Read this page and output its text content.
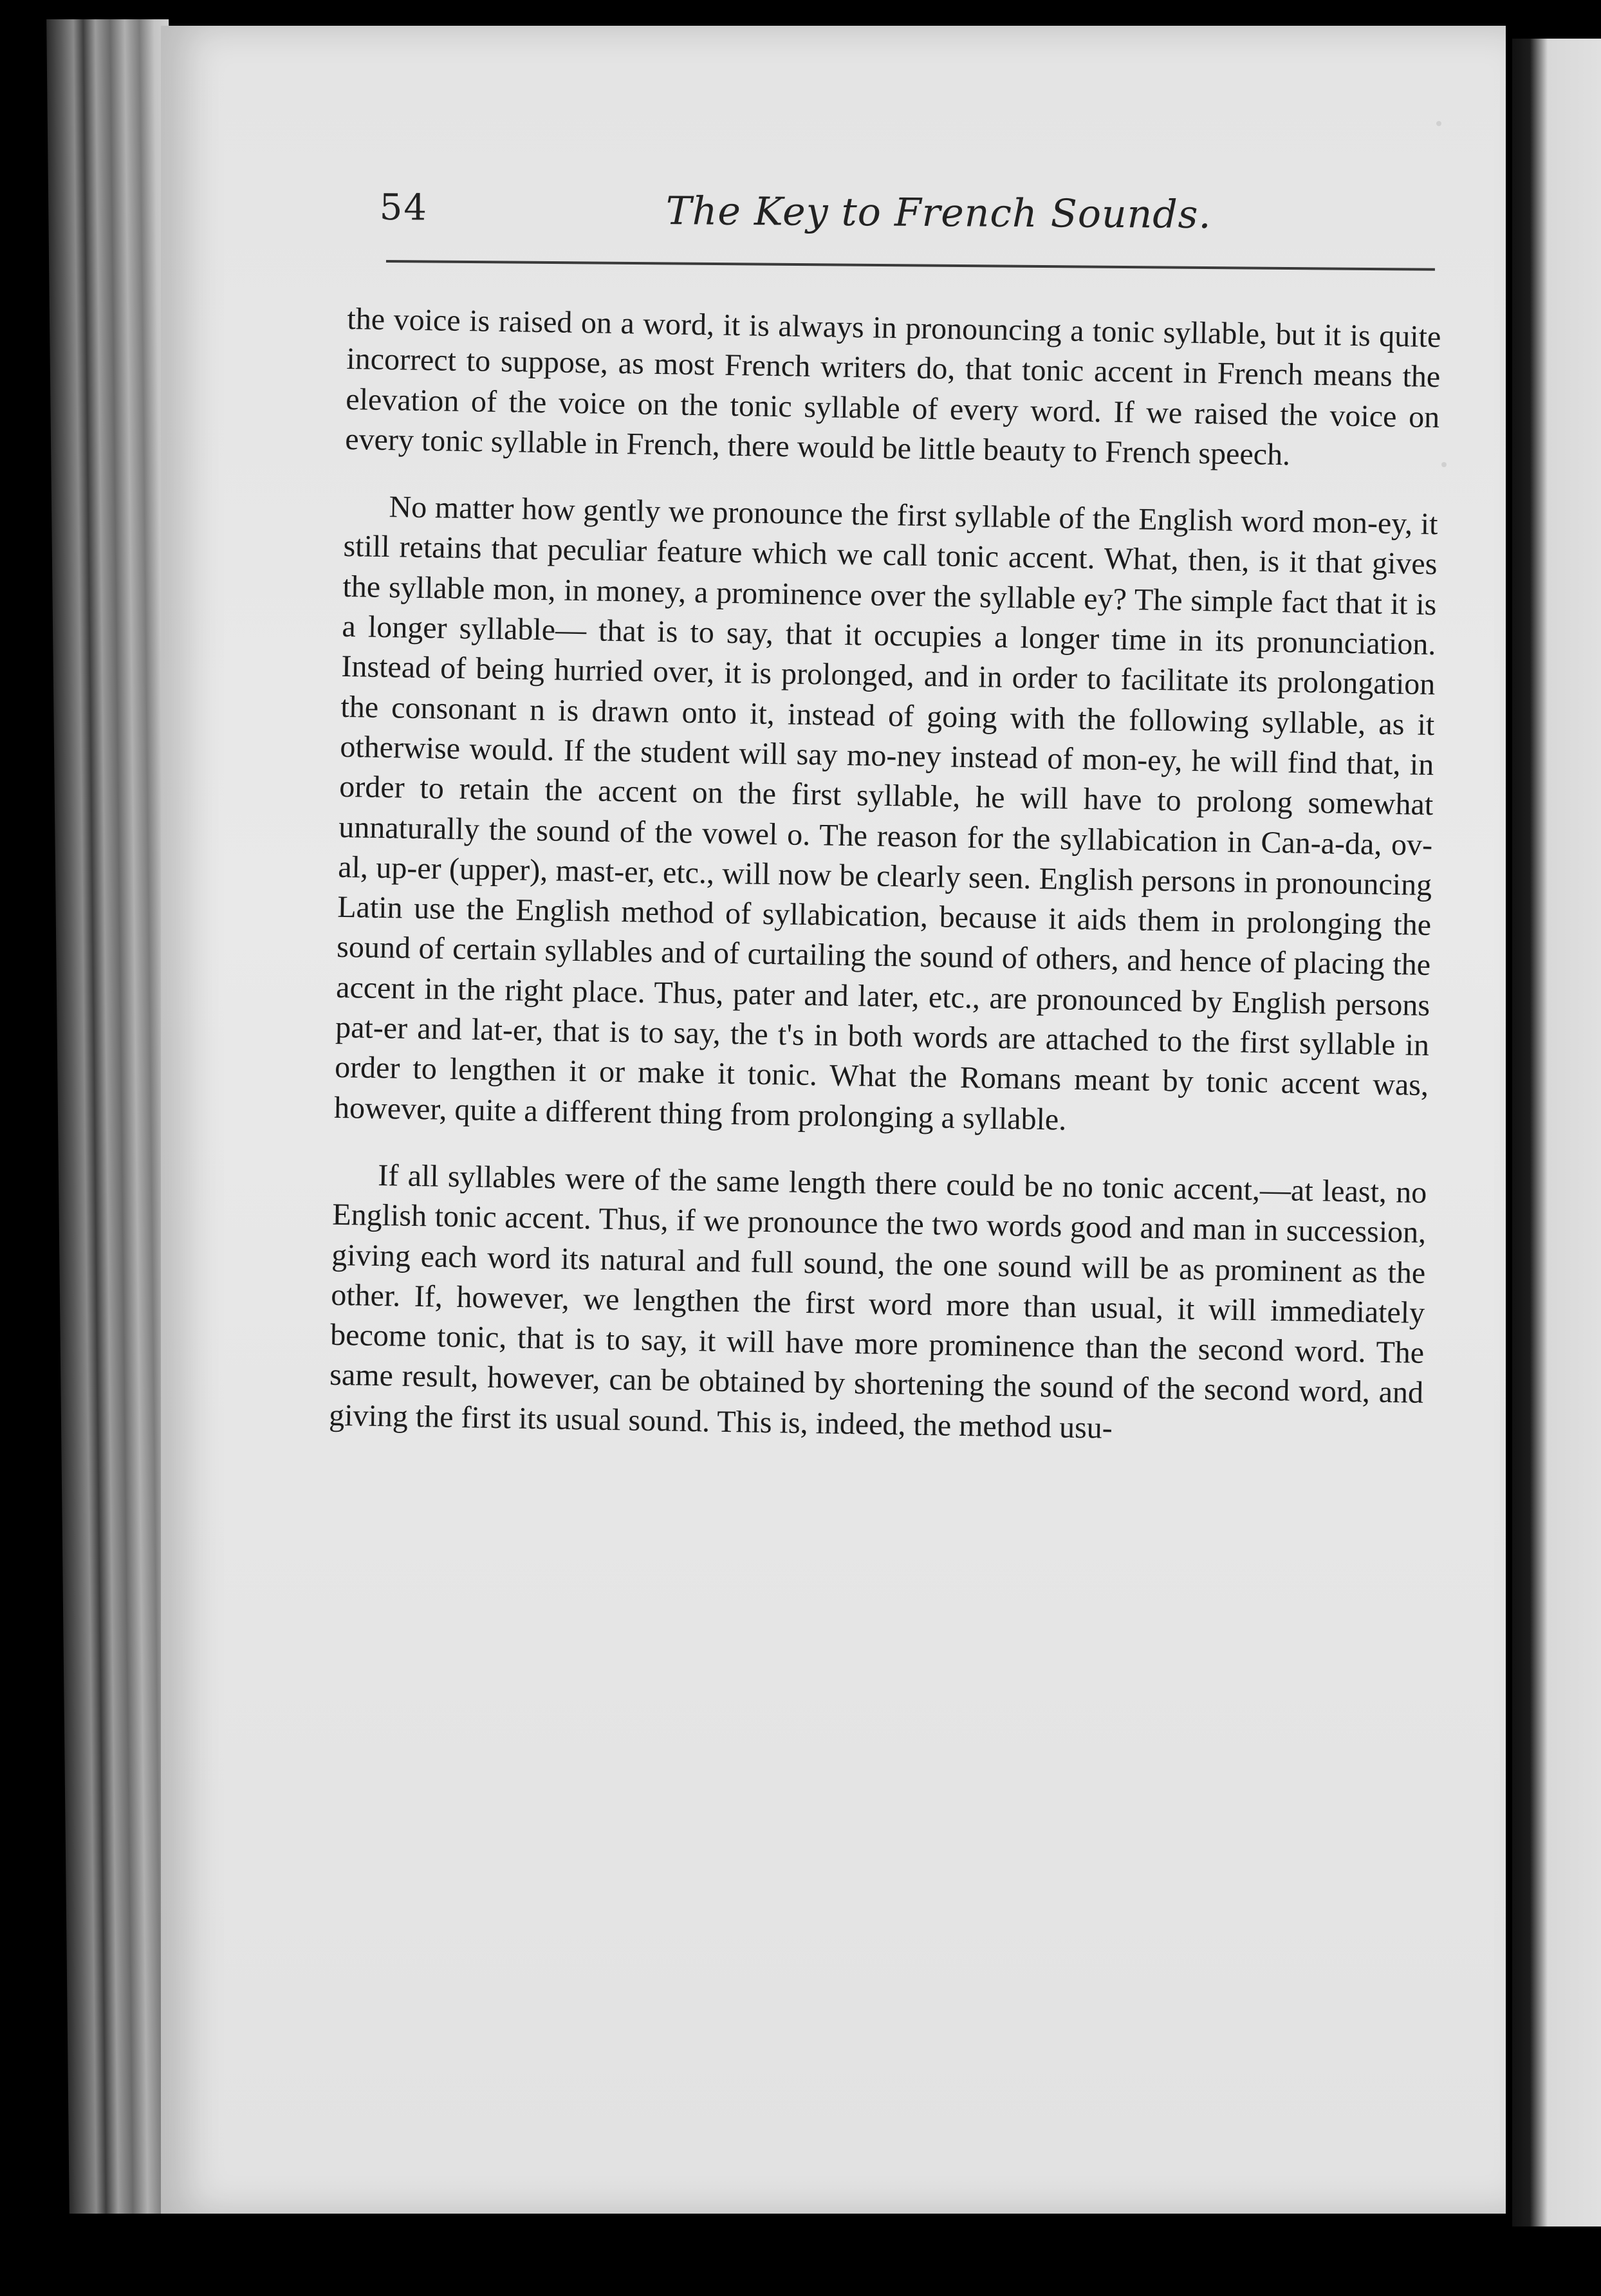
54	The Key to French Sounds.

the voice is raised on a word, it is always in pronouncing a tonic syllable, but it is quite incorrect to suppose, as most French writers do, that tonic accent in French means the elevation of the voice on the tonic syllable of every word. If we raised the voice on every tonic syllable in French, there would be little beauty to French speech.

No matter how gently we pronounce the first syllable of the English word mon-ey, it still retains that peculiar feature which we call tonic accent. What, then, is it that gives the syllable mon, in money, a prominence over the syllable ey? The simple fact that it is a longer syllable— that is to say, that it occupies a longer time in its pronunciation. Instead of being hurried over, it is prolonged, and in order to facilitate its prolongation the consonant n is drawn onto it, instead of going with the following syllable, as it otherwise would. If the student will say mo-ney instead of mon-ey, he will find that, in order to retain the accent on the first syllable, he will have to prolong somewhat unnaturally the sound of the vowel o. The reason for the syllabication in Can-a-da, ov-al, up-er (upper), mast-er, etc., will now be clearly seen. English persons in pronouncing Latin use the English method of syllabication, because it aids them in prolonging the sound of certain syllables and of curtailing the sound of others, and hence of placing the accent in the right place. Thus, pater and later, etc., are pronounced by English persons pat-er and lat-er, that is to say, the t's in both words are attached to the first syllable in order to lengthen it or make it tonic. What the Romans meant by tonic accent was, however, quite a different thing from prolonging a syllable.

If all syllables were of the same length there could be no tonic accent,—at least, no English tonic accent. Thus, if we pronounce the two words good and man in succession, giving each word its natural and full sound, the one sound will be as prominent as the other. If, however, we lengthen the first word more than usual, it will immediately become tonic, that is to say, it will have more prominence than the second word. The same result, however, can be obtained by shortening the sound of the second word, and giving the first its usual sound. This is, indeed, the method usu-
